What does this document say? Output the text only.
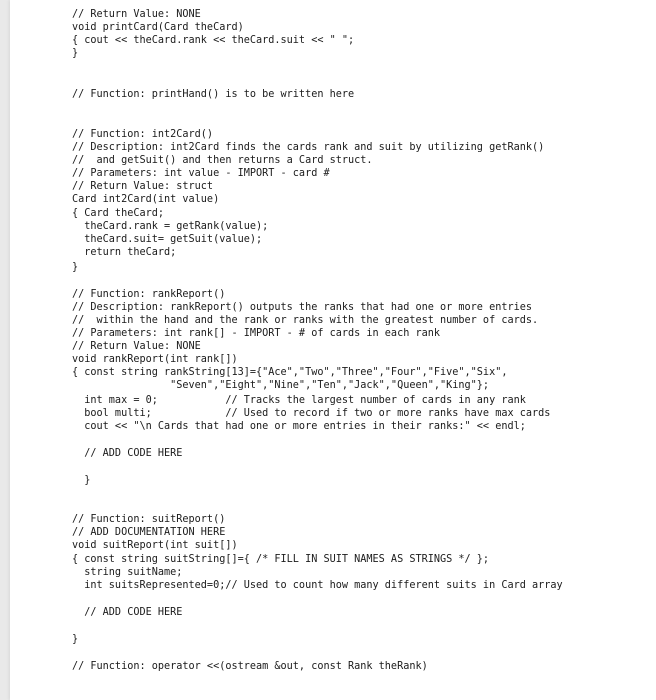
// Return Value: NONE
void printCard(Card theCard)
{ cout << theCard.rank << theCard.suit << " ";
}
// Function: printHand() is to be written here
// Function: int2Card()
// Description: int2Card finds the cards rank and suit by utilizing getRank()
//  and getSuit() and then returns a Card struct.
// Parameters: int value - IMPORT - card #
// Return Value: struct
Card int2Card(int value)
{ Card theCard;
theCard.rank = getRank(value);
theCard.suit= getSuit(value);
return theCard;
}
// Function: rankReport()
// Description: rankReport() outputs the ranks that had one or more entries
//  within the hand and the rank or ranks with the greatest number of cards.
// Parameters: int rank[] - IMPORT - # of cards in each rank
// Return Value: NONE
void rankReport(int rank[])
{ const string rankString[13]={"Ace","Two","Three","Four","Five","Six",
"Seven","Eight","Nine","Ten","Jack","Queen","King"};
int max = 0;           // Tracks the largest number of cards in any rank
bool multi;            // Used to record if two or more ranks have max cards
cout << "\n Cards that had one or more entries in their ranks:" << endl;
// ADD CODE HERE
}
// Function: suitReport()
// ADD DOCUMENTATION HERE
void suitReport(int suit[])
{ const string suitString[]={ /* FILL IN SUIT NAMES AS STRINGS */ };
string suitName;
int suitsRepresented=0;// Used to count how many different suits in Card array
// ADD CODE HERE
}
// Function: operator <<(ostream &out, const Rank theRank)
